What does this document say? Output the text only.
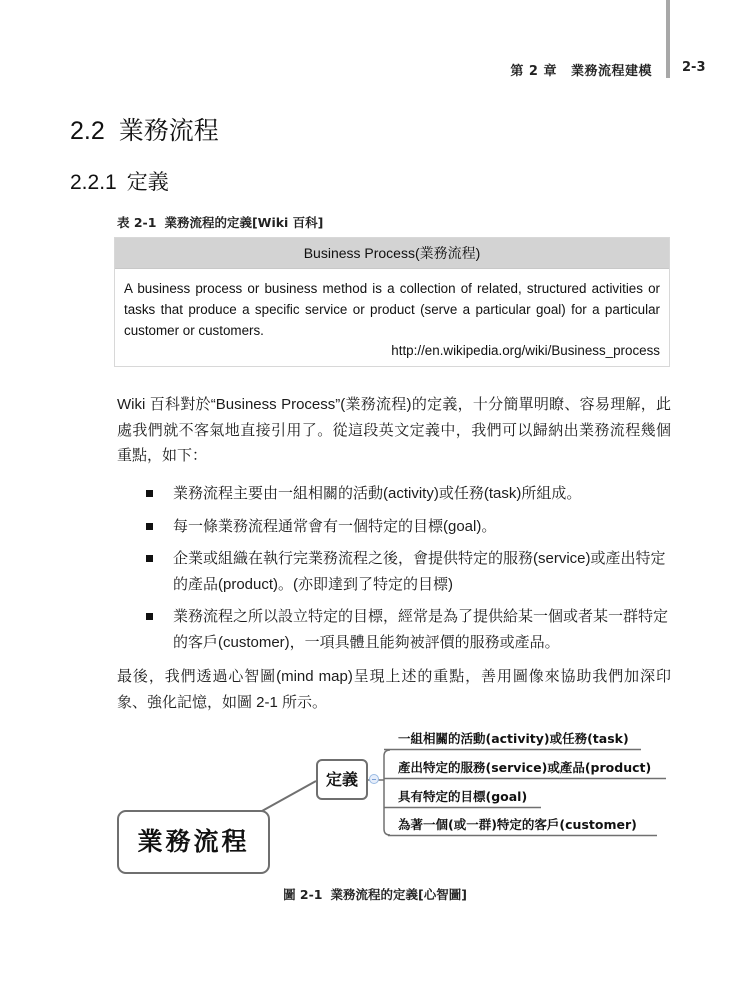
第 2 章 業務流程建模 2-3
2.2 業務流程
2.2.1 定義
表 2-1 業務流程的定義[Wiki 百科]
Business Process(業務流程)
A business process or business method is a collection of related, structured activities or tasks that produce a specific service or product (serve a particular goal) for a particular customer or customers.
http://en.wikipedia.org/wiki/Business_process
Wiki 百科對於“Business Process”(業務流程)的定義，十分簡單明瞭、容易理解，此處我們就不客氣地直接引用了。從這段英文定義中，我們可以歸納出業務流程幾個重點，如下：
業務流程主要由一組相關的活動(activity)或任務(task)所組成。
每一條業務流程通常會有一個特定的目標(goal)。
企業或組織在執行完業務流程之後，會提供特定的服務(service)或產出特定的產品(product)。(亦即達到了特定的目標)
業務流程之所以設立特定的目標，經常是為了提供給某一個或者某一群特定的客戶(customer)，一項具體且能夠被評價的服務或產品。
最後，我們透過心智圖(mind map)呈現上述的重點，善用圖像來協助我們加深印象、強化記憶，如圖 2-1 所示。
業務流程
定義
一組相關的活動(activity)或任務(task)
產出特定的服務(service)或產品(product)
具有特定的目標(goal)
為著一個(或一群)特定的客戶(customer)
圖 2-1 業務流程的定義[心智圖]
